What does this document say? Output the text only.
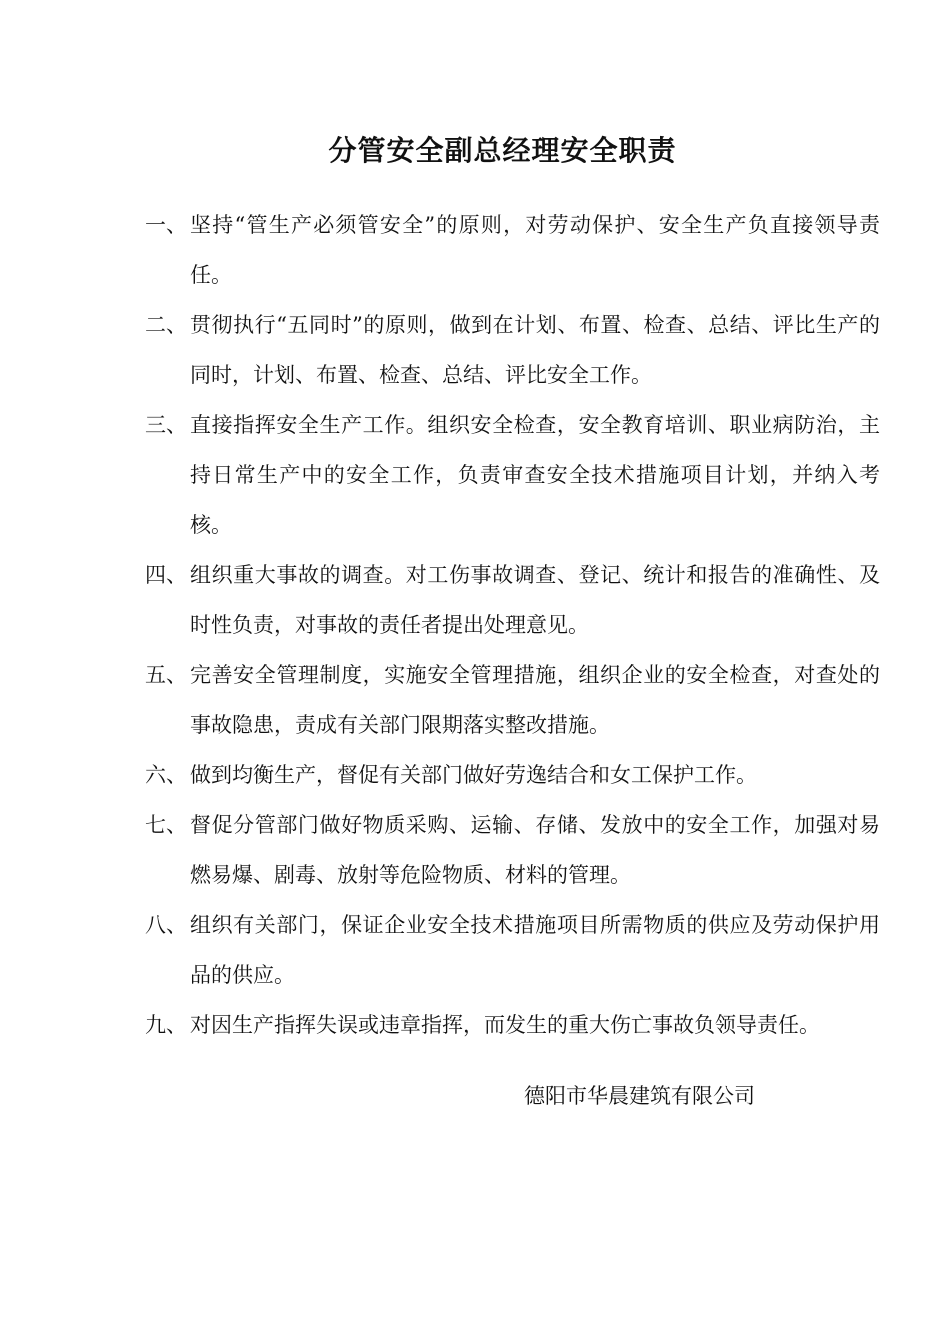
分管安全副总经理安全职责
一、 坚持“管生产必须管安全”的原则，对劳动保护、安全生产负直接领导责任。
二、 贯彻执行“五同时”的原则，做到在计划、布置、检查、总结、评比生产的同时，计划、布置、检查、总结、评比安全工作。
三、 直接指挥安全生产工作。组织安全检查，安全教育培训、职业病防治，主持日常生产中的安全工作，负责审查安全技术措施项目计划，并纳入考核。
四、 组织重大事故的调查。对工伤事故调查、登记、统计和报告的准确性、及时性负责，对事故的责任者提出处理意见。
五、 完善安全管理制度，实施安全管理措施，组织企业的安全检查，对查处的事故隐患，责成有关部门限期落实整改措施。
六、 做到均衡生产，督促有关部门做好劳逸结合和女工保护工作。
七、 督促分管部门做好物质采购、运输、存储、发放中的安全工作，加强对易燃易爆、剧毒、放射等危险物质、材料的管理。
八、 组织有关部门，保证企业安全技术措施项目所需物质的供应及劳动保护用品的供应。
九、 对因生产指挥失误或违章指挥，而发生的重大伤亡事故负领导责任。
德阳市华晨建筑有限公司
